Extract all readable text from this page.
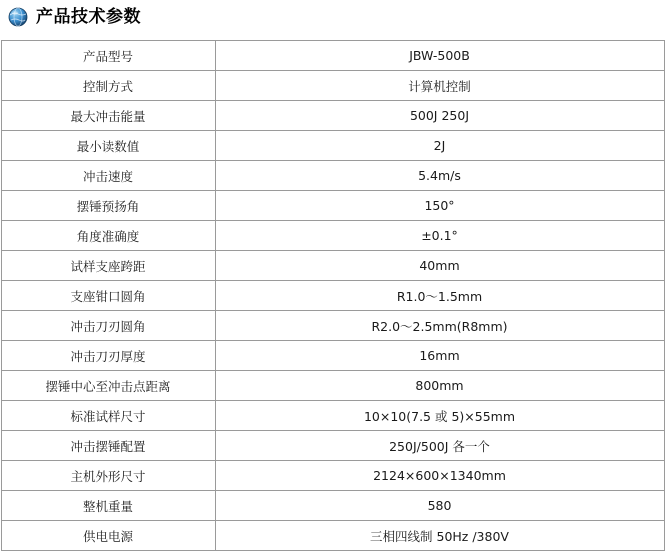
产品技术参数
产品型号	JBW-500B
控制方式	计算机控制
最大冲击能量	500J 250J
最小读数值	2J
冲击速度	5.4m/s
摆锤预扬角	150°
角度准确度	±0.1°
试样支座跨距	40mm
支座钳口圆角	R1.0～1.5mm
冲击刀刃圆角	R2.0～2.5mm(R8mm)
冲击刀刃厚度	16mm
摆锤中心至冲击点距离	800mm
标准试样尺寸	10×10(7.5 或 5)×55mm
冲击摆锤配置	250J/500J 各一个
主机外形尺寸	2124×600×1340mm
整机重量	580
供电电源	三相四线制 50Hz /380V
